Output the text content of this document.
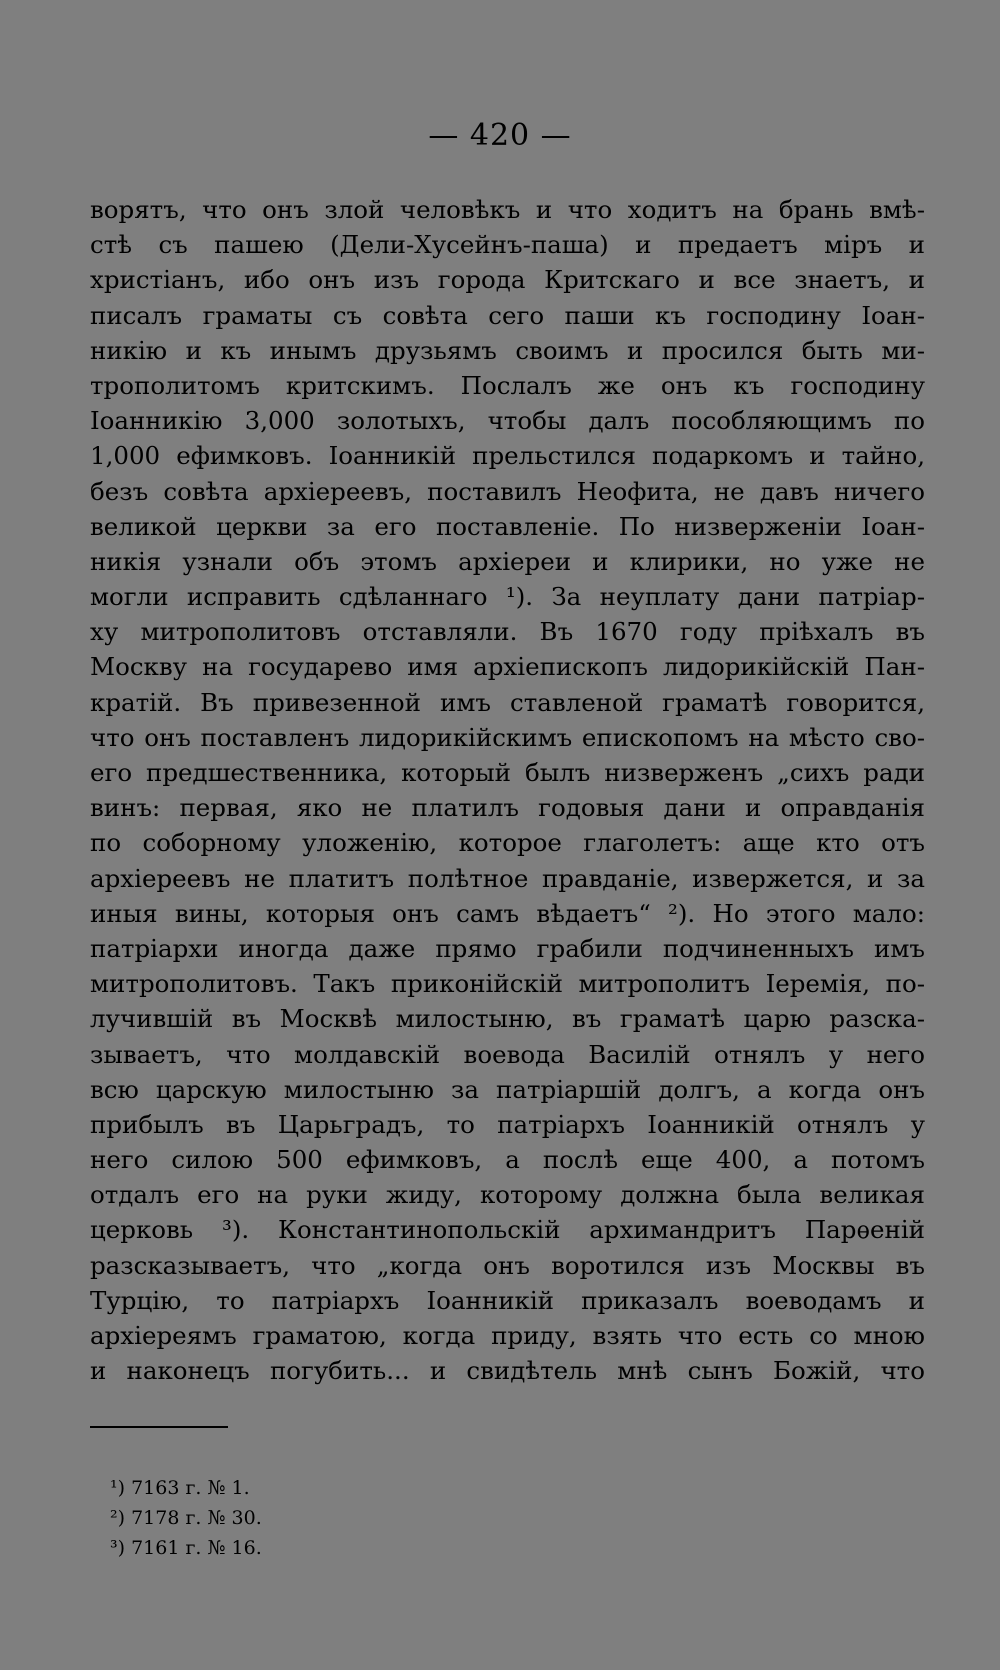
— 420 —
ворятъ, что онъ злой человѣкъ и что ходитъ на брань вмѣ-
стѣ съ пашею (Дели-Хусейнъ-паша) и предаетъ міръ и
христіанъ, ибо онъ изъ города Критскаго и все знаетъ, и
писалъ граматы съ совѣта сего паши къ господину Іоан-
никію и къ инымъ друзьямъ своимъ и просился быть ми-
трополитомъ критскимъ. Послалъ же онъ къ господину
Іоанникію 3,000 золотыхъ, чтобы далъ пособляющимъ по
1,000 ефимковъ. Іоанникій прельстился подаркомъ и тайно,
безъ совѣта архіереевъ, поставилъ Неофита, не давъ ничего
великой церкви за его поставленіе. По низверженіи Іоан-
никія узнали объ этомъ архіереи и клирики, но уже не
могли исправить сдѣланнаго ¹). За неуплату дани патріар-
ху митрополитовъ отставляли. Въ 1670 году пріѣхалъ въ
Москву на государево имя архіепископъ лидорикійскій Пан-
кратій. Въ привезенной имъ ставленой граматѣ говорится,
что онъ поставленъ лидорикійскимъ епископомъ на мѣсто сво-
его предшественника, который былъ низверженъ „сихъ ради
винъ: первая, яко не платилъ годовыя дани и оправданія
по соборному уложенію, которое глаголетъ: аще кто отъ
архіереевъ не платитъ полѣтное правданіе, извержется, и за
иныя вины, которыя онъ самъ вѣдаетъ“ ²). Но этого мало:
патріархи иногда даже прямо грабили подчиненныхъ имъ
митрополитовъ. Такъ приконійскій митрополитъ Іеремія, по-
лучившій въ Москвѣ милостыню, въ граматѣ царю разска-
зываетъ, что молдавскій воевода Василій отнялъ у него
всю царскую милостыню за патріаршій долгъ, а когда онъ
прибылъ въ Царьградъ, то патріархъ Іоанникій отнялъ у
него силою 500 ефимковъ, а послѣ еще 400, а потомъ
отдалъ его на руки жиду, которому должна была великая
церковь ³). Константинопольскій архимандритъ Парѳеній
разсказываетъ, что „когда онъ воротился изъ Москвы въ
Турцію, то патріархъ Іоанникій приказалъ воеводамъ и
архіереямъ граматою, когда приду, взять что есть со мною
и наконецъ погубить... и свидѣтель мнѣ сынъ Божій, что
¹) 7163 г. № 1.
²) 7178 г. № 30.
³) 7161 г. № 16.
